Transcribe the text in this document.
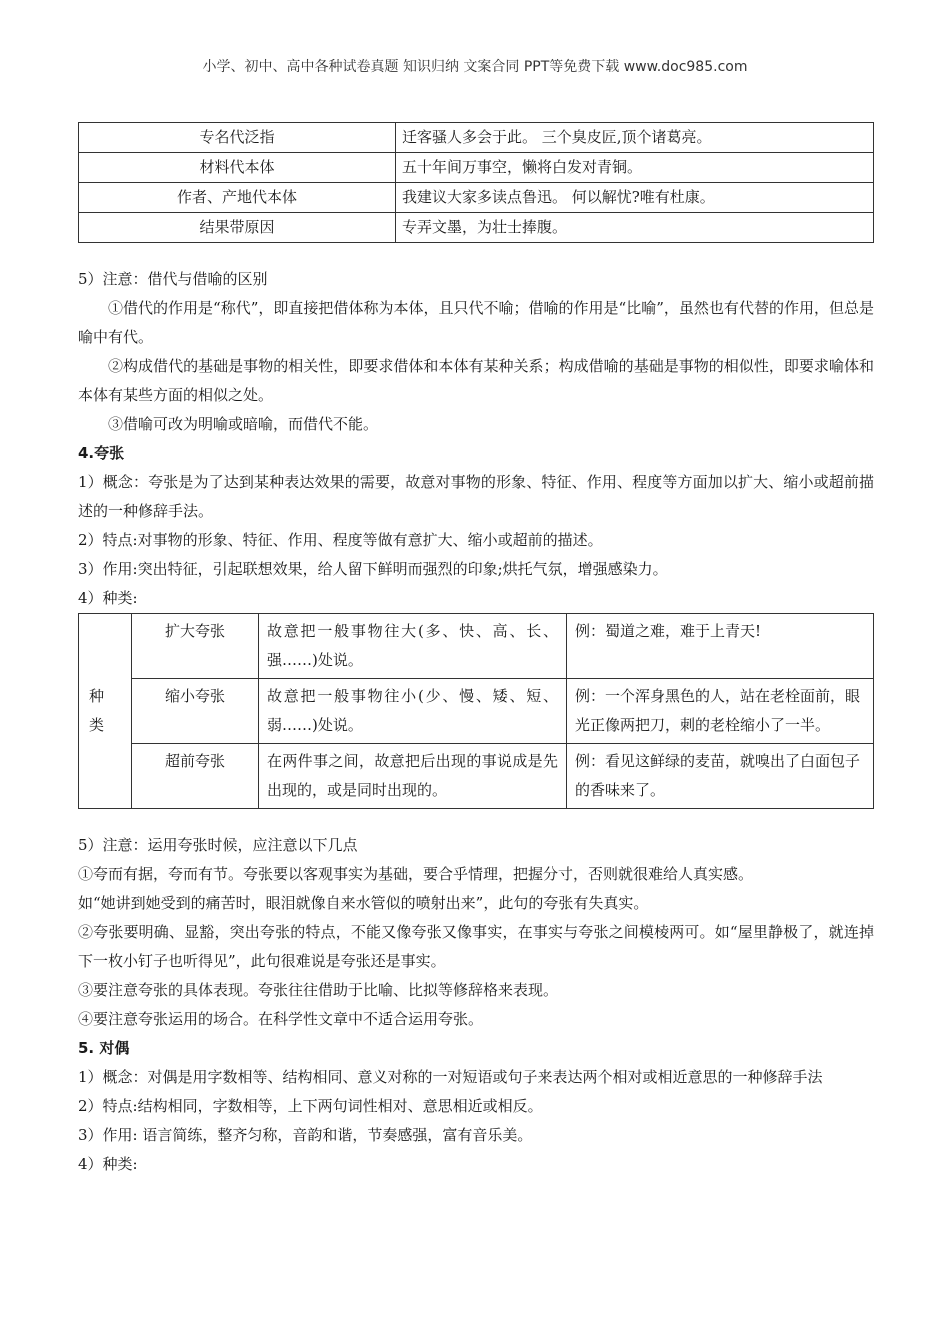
小学、初中、高中各种试卷真题 知识归纳 文案合同 PPT等免费下载 www.doc985.com
专名代泛指	迁客骚人多会于此。 三个臭皮匠,顶个诸葛亮。
材料代本体	五十年间万事空，懒将白发对青铜。
作者、产地代本体	我建议大家多读点鲁迅。 何以解忧?唯有杜康。
结果带原因	专弄文墨，为壮士捧腹。

5）注意：借代与借喻的区别

①借代的作用是“称代”，即直接把借体称为本体，且只代不喻；借喻的作用是“比喻”，虽然也有代替的作用，但总是喻中有代。

②构成借代的基础是事物的相关性，即要求借体和本体有某种关系；构成借喻的基础是事物的相似性，即要求喻体和本体有某些方面的相似之处。

③借喻可改为明喻或暗喻，而借代不能。

4.夸张

1）概念：夸张是为了达到某种表达效果的需要，故意对事物的形象、特征、作用、程度等方面加以扩大、缩小或超前描述的一种修辞手法。

2）特点:对事物的形象、特征、作用、程度等做有意扩大、缩小或超前的描述。

3）作用:突出特征，引起联想效果，给人留下鲜明而强烈的印象;烘托气氛，增强感染力。

4）种类:

种类	扩大夸张	故意把一般事物往大(多、快、高、长、强……)处说。	例：蜀道之难，难于上青天!
	缩小夸张	故意把一般事物往小(少、慢、矮、短、弱……)处说。	例：一个浑身黑色的人，站在老栓面前，眼光正像两把刀，刺的老栓缩小了一半。
	超前夸张	在两件事之间，故意把后出现的事说成是先出现的，或是同时出现的。	例：看见这鲜绿的麦苗，就嗅出了白面包子的香味来了。

5）注意：运用夸张时候，应注意以下几点

①夸而有据，夸而有节。夸张要以客观事实为基础，要合乎情理，把握分寸，否则就很难给人真实感。

如“她讲到她受到的痛苦时，眼泪就像自来水管似的喷射出来”，此句的夸张有失真实。

②夸张要明确、显豁，突出夸张的特点，不能又像夸张又像事实，在事实与夸张之间模棱两可。如“屋里静极了，就连掉下一枚小钉子也听得见”，此句很难说是夸张还是事实。

③要注意夸张的具体表现。夸张往往借助于比喻、比拟等修辞格来表现。

④要注意夸张运用的场合。在科学性文章中不适合运用夸张。

5. 对偶

1）概念：对偶是用字数相等、结构相同、意义对称的一对短语或句子来表达两个相对或相近意思的一种修辞手法

2）特点:结构相同，字数相等，上下两句词性相对、意思相近或相反。

3）作用: 语言简练，整齐匀称，音韵和谐，节奏感强，富有音乐美。

4）种类:
